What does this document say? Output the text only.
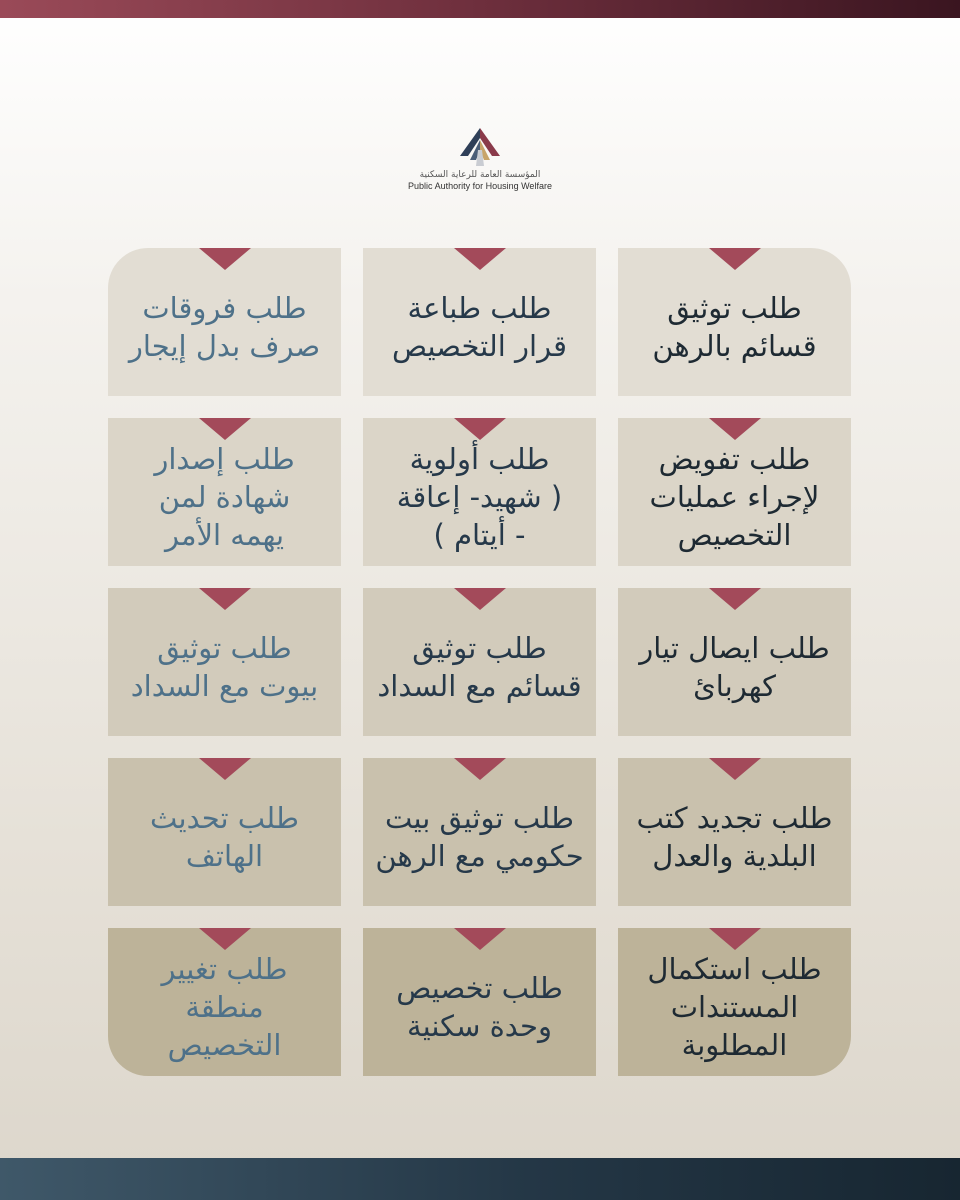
المؤسسة العامة للرعاية السكنية
Public Authority for Housing Welfare
طلب توثيق
قسائم بالرهن
طلب طباعة
قرار التخصيص
طلب فروقات
صرف بدل إيجار
طلب تفويض
لإجراء عمليات
التخصيص
طلب أولوية
( شهيد- إعاقة
- أيتام )
طلب إصدار
شهادة لمن
يهمه الأمر
طلب ايصال تيار
كهربائ
طلب توثيق
قسائم مع السداد
طلب توثيق
بيوت مع السداد
طلب تجديد كتب
البلدية والعدل
طلب توثيق بيت
حكومي مع الرهن
طلب تحديث
الهاتف
طلب استكمال
المستندات
المطلوبة
طلب تخصيص
وحدة سكنية
طلب تغيير
منطقة
التخصيص
